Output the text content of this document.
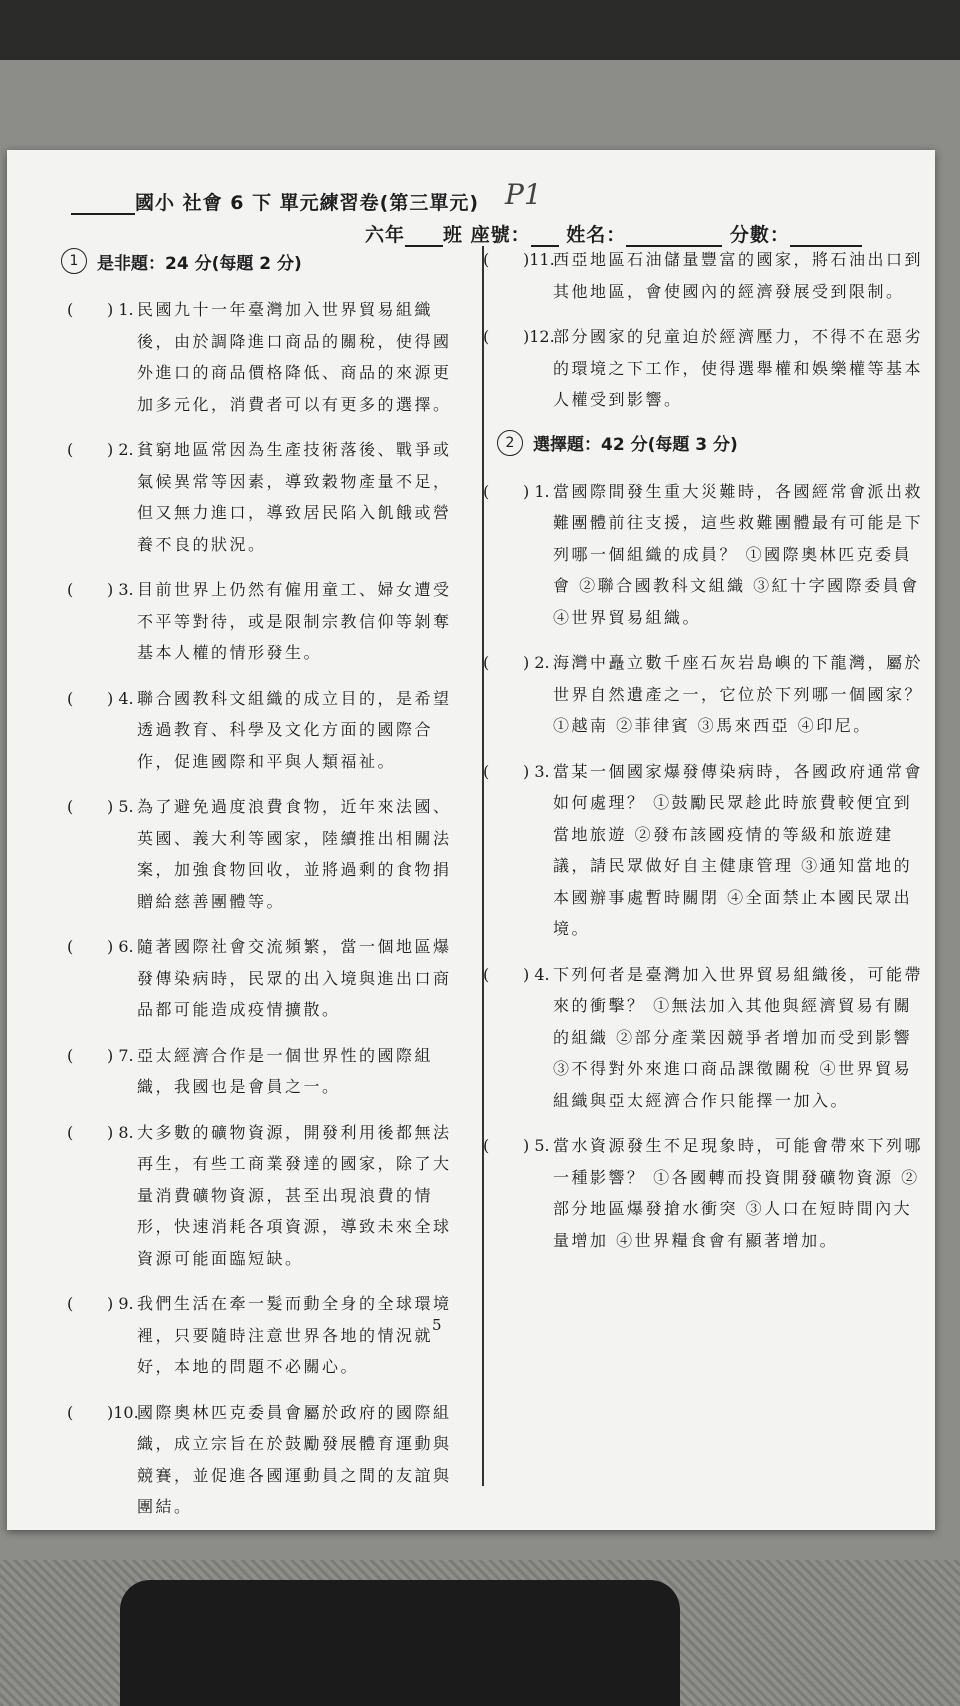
國小 社會 6 下 單元練習卷(第三單元) P1
六年 班 座號： 姓名：	分數：
1	是非題：24 分(每題 2 分)
( ) 1. 民國九十一年臺灣加入世界貿易組織後，由於調降進口商品的關稅，使得國外進口的商品價格降低、商品的來源更加多元化，消費者可以有更多的選擇。
( ) 2. 貧窮地區常因為生產技術落後、戰爭或氣候異常等因素，導致穀物產量不足，但又無力進口，導致居民陷入飢餓或營養不良的狀況。
( ) 3. 目前世界上仍然有僱用童工、婦女遭受不平等對待，或是限制宗教信仰等剝奪基本人權的情形發生。
( ) 4. 聯合國教科文組織的成立目的，是希望透過教育、科學及文化方面的國際合作，促進國際和平與人類福祉。
( ) 5. 為了避免過度浪費食物，近年來法國、英國、義大利等國家，陸續推出相關法案，加強食物回收，並將過剩的食物捐贈給慈善團體等。
( ) 6. 隨著國際社會交流頻繁，當一個地區爆發傳染病時，民眾的出入境與進出口商品都可能造成疫情擴散。
( ) 7. 亞太經濟合作是一個世界性的國際組織，我國也是會員之一。
( ) 8. 大多數的礦物資源，開發利用後都無法再生，有些工商業發達的國家，除了大量消費礦物資源，甚至出現浪費的情形，快速消耗各項資源，導致未來全球資源可能面臨短缺。
( ) 9. 我們生活在牽一髮而動全身的全球環境裡，只要隨時注意世界各地的情況就好，本地的問題不必關心。
( )10.
國際奧林匹克委員會屬於政府的國際組織，成立宗旨在於鼓勵發展體育運動與競賽，並促進各國運動員之間的友誼與團結。
( )11.
西亞地區石油儲量豐富的國家，將石油出口到其他地區，會使國內的經濟發展受到限制。
( )12.
部分國家的兒童迫於經濟壓力，不得不在惡劣的環境之下工作，使得選舉權和娛樂權等基本人權受到影響。
2	選擇題：42 分(每題 3 分)
( ) 1. 當國際間發生重大災難時，各國經常會派出救難團體前往支援，這些救難團體最有可能是下列哪一個組織的成員？ ①國際奧林匹克委員會 ②聯合國教科文組織 ③紅十字國際委員會 ④世界貿易組織。
( ) 2. 海灣中矗立數千座石灰岩島嶼的下龍灣，屬於世界自然遺產之一，它位於下列哪一個國家？ ①越南 ②菲律賓 ③馬來西亞 ④印尼。
( ) 3. 當某一個國家爆發傳染病時，各國政府通常會如何處理？ ①鼓勵民眾趁此時旅費較便宜到當地旅遊 ②發布該國疫情的等級和旅遊建議，請民眾做好自主健康管理 ③通知當地的本國辦事處暫時關閉 ④全面禁止本國民眾出境。
( ) 4. 下列何者是臺灣加入世界貿易組織後，可能帶來的衝擊？ ①無法加入其他與經濟貿易有關的組織 ②部分產業因競爭者增加而受到影響 ③不得對外來進口商品課徵關稅 ④世界貿易組織與亞太經濟合作只能擇一加入。
( ) 5. 當水資源發生不足現象時，可能會帶來下列哪一種影響？ ①各國轉而投資開發礦物資源 ②部分地區爆發搶水衝突 ③人口在短時間內大量增加 ④世界糧食會有顯著增加。
5
